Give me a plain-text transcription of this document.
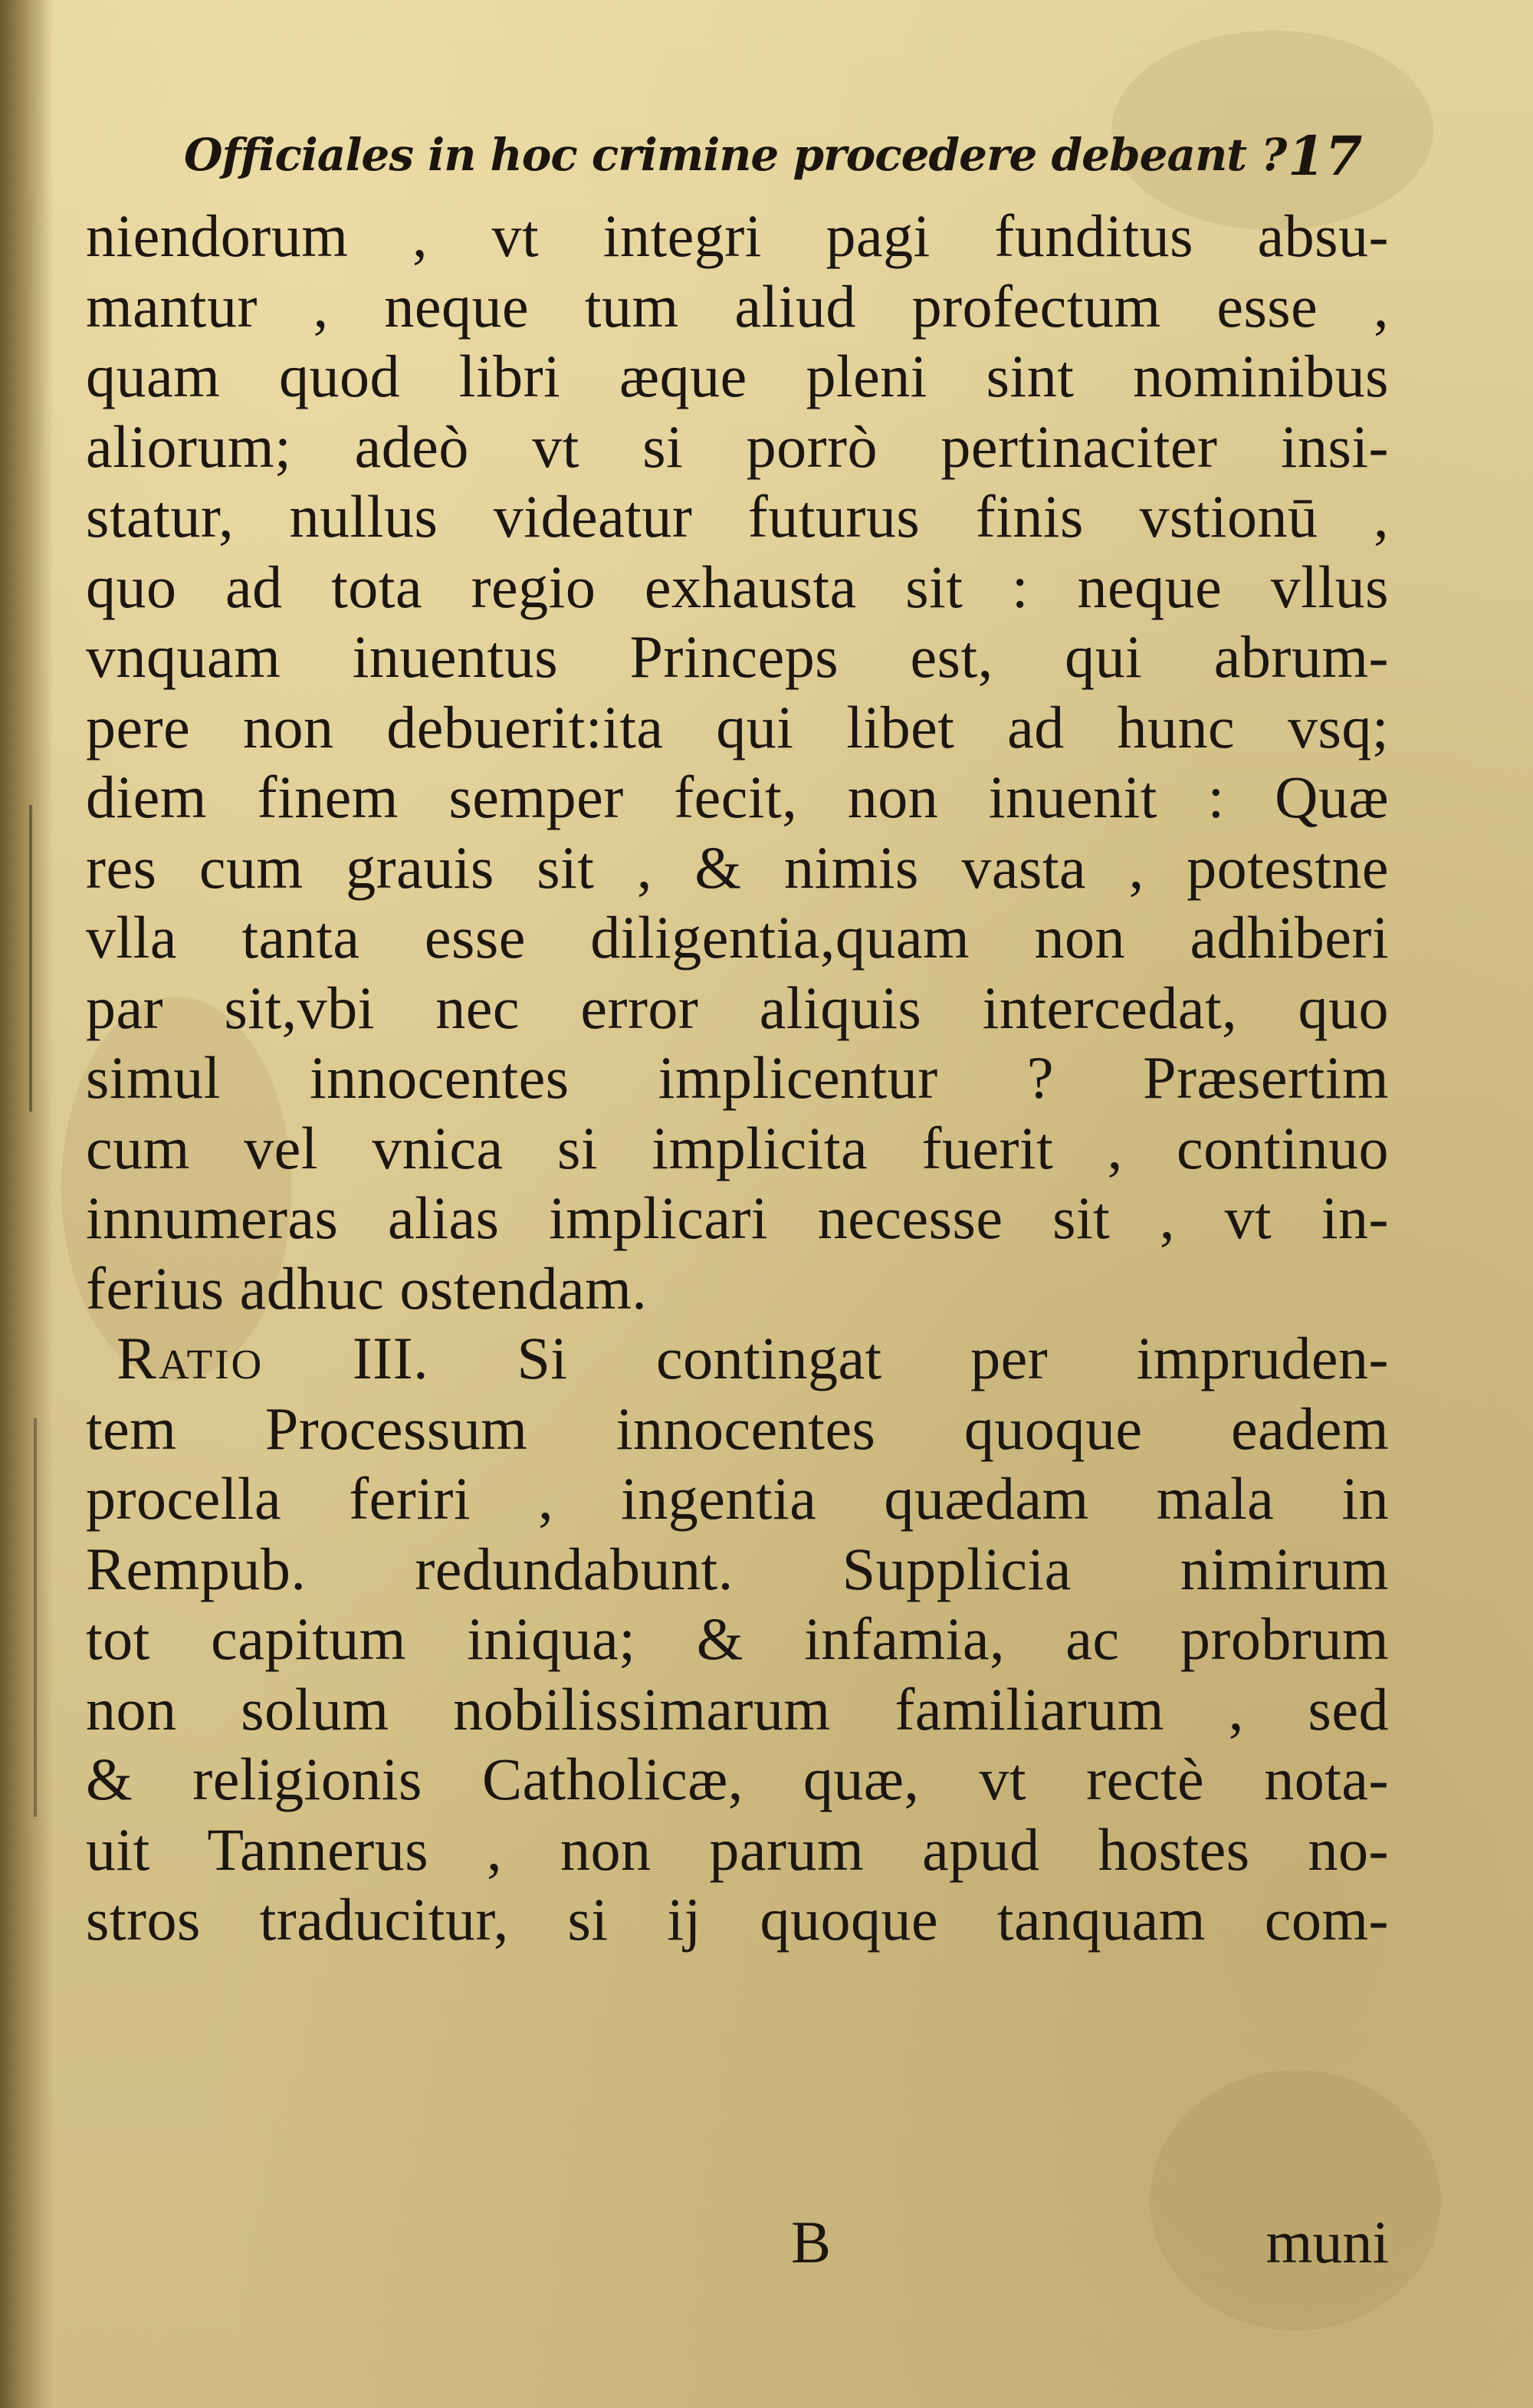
Officiales in hoc crimine procedere debeant ? 17
niendorum , vt integri pagi funditus absu-
mantur , neque tum aliud profectum esse ,
quam quod libri æque pleni sint nominibus
aliorum; adeò vt si porrò pertinaciter insi-
statur, nullus videatur futurus finis vstionū ,
quo ad tota regio exhausta sit : neque vllus
vnquam inuentus Princeps est, qui abrum-
pere non debuerit:ita qui libet ad hunc vsq;
diem finem semper fecit, non inuenit : Quæ
res cum grauis sit , & nimis vasta , potestne
vlla tanta esse diligentia,quam non adhiberi
par sit,vbi nec error aliquis intercedat, quo
simul innocentes implicentur ? Præsertim
cum vel vnica si implicita fuerit , continuo
innumeras alias implicari necesse sit , vt in-
ferius adhuc ostendam.
Ratio III. Si contingat per impruden-
tem Processum innocentes quoque eadem
procella feriri , ingentia quædam mala in
Rempub. redundabunt. Supplicia nimirum
tot capitum iniqua; & infamia, ac probrum
non solum nobilissimarum familiarum , sed
& religionis Catholicæ, quæ, vt rectè nota-
uit Tannerus , non parum apud hostes no-
stros traducitur, si ij quoque tanquam com-
B	muni
